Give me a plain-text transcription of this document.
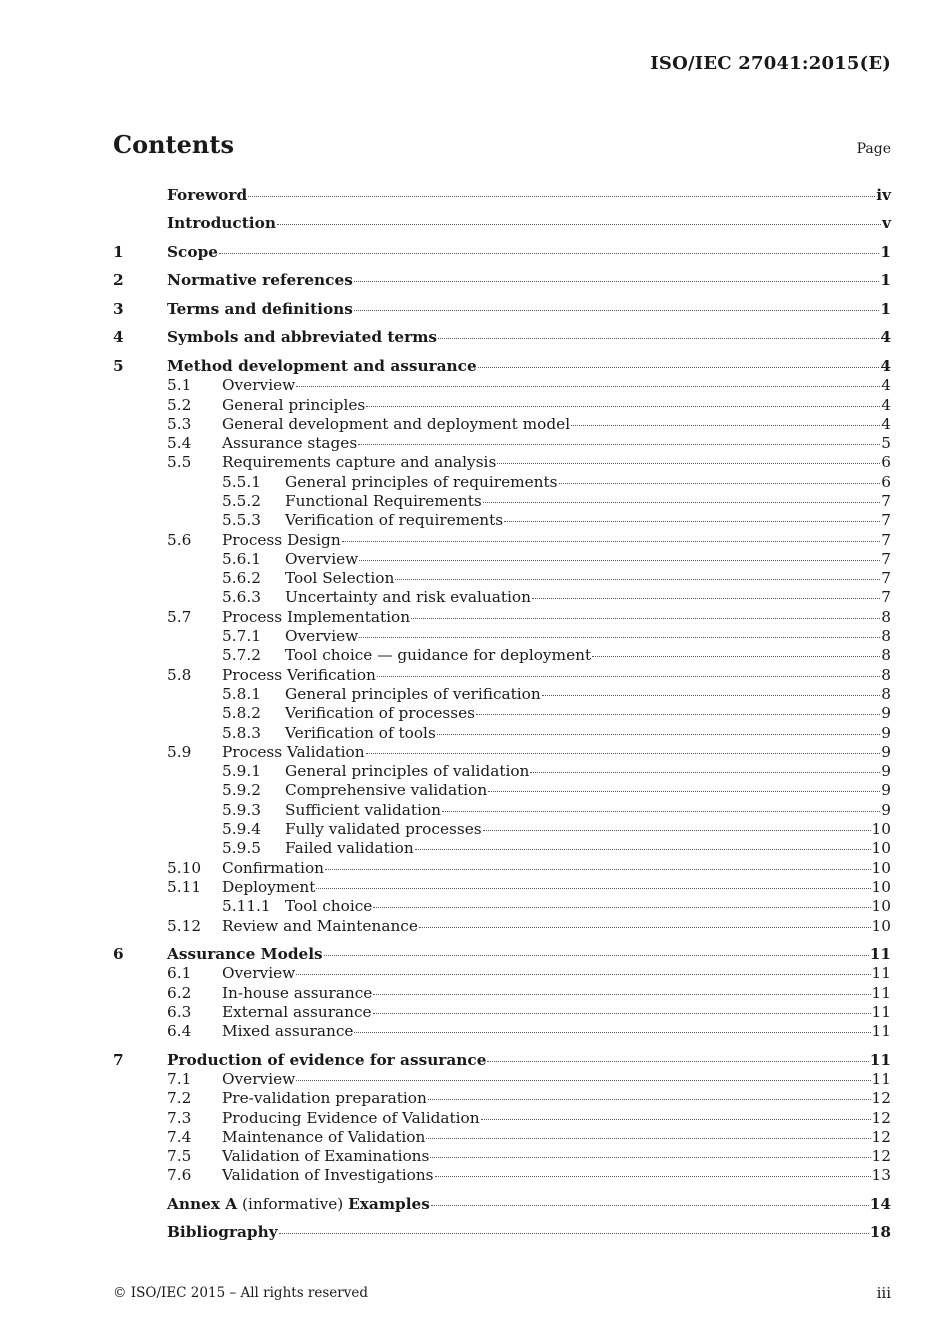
ISO/IEC 27041:2015(E)
Contents	Page
Foreword	iv
Introduction	v
1	Scope	1
2	Normative references	1
3	Terms and definitions	1
4	Symbols and abbreviated terms	4
5	Method development and assurance	4
5.1	Overview	4
5.2	General principles	4
5.3	General development and deployment model	4
5.4	Assurance stages	5
5.5	Requirements capture and analysis	6
5.5.1	General principles of requirements	6
5.5.2	Functional Requirements	7
5.5.3	Verification of requirements	7
5.6	Process Design	7
5.6.1	Overview	7
5.6.2	Tool Selection	7
5.6.3	Uncertainty and risk evaluation	7
5.7	Process Implementation	8
5.7.1	Overview	8
5.7.2	Tool choice — guidance for deployment	8
5.8	Process Verification	8
5.8.1	General principles of verification	8
5.8.2	Verification of processes	9
5.8.3	Verification of tools	9
5.9	Process Validation	9
5.9.1	General principles of validation	9
5.9.2	Comprehensive validation	9
5.9.3	Sufficient validation	9
5.9.4	Fully validated processes	10
5.9.5	Failed validation	10
5.10	Confirmation	10
5.11	Deployment	10
5.11.1 Tool choice	10
5.12	Review and Maintenance	10
6	Assurance Models	11
6.1	Overview	11
6.2	In-house assurance	11
6.3	External assurance	11
6.4	Mixed assurance	11
7	Production of evidence for assurance	11
7.1	Overview	11
7.2	Pre-validation preparation	12
7.3	Producing Evidence of Validation	12
7.4	Maintenance of Validation	12
7.5	Validation of Examinations	12
7.6	Validation of Investigations	13
Annex A (informative) Examples	14
Bibliography	18
© ISO/IEC 2015 – All rights reserved	iii
